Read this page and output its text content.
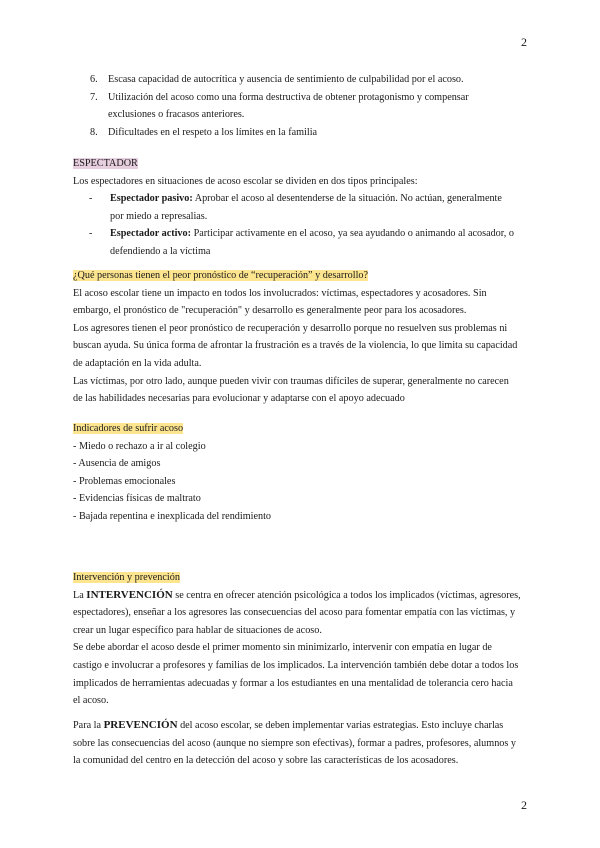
2
6. Escasa capacidad de autocrítica y ausencia de sentimiento de culpabilidad por el acoso.
7. Utilización del acoso como una forma destructiva de obtener protagonismo y compensar
exclusiones o fracasos anteriores.
8. Dificultades en el respeto a los límites en la familia
ESPECTADOR
Los espectadores en situaciones de acoso escolar se dividen en dos tipos principales:
- Espectador pasivo: Aprobar el acoso al desentenderse de la situación. No actúan, generalmente
por miedo a represalias.
- Espectador activo: Participar activamente en el acoso, ya sea ayudando o animando al acosador, o
defendiendo a la víctima
¿Qué personas tienen el peor pronóstico de “recuperación” y desarrollo?
El acoso escolar tiene un impacto en todos los involucrados: víctimas, espectadores y acosadores. Sin
embargo, el pronóstico de "recuperación" y desarrollo es generalmente peor para los acosadores.
Los agresores tienen el peor pronóstico de recuperación y desarrollo porque no resuelven sus problemas ni
buscan ayuda. Su única forma de afrontar la frustración es a través de la violencia, lo que limita su capacidad
de adaptación en la vida adulta.
Las víctimas, por otro lado, aunque pueden vivir con traumas difíciles de superar, generalmente no carecen
de las habilidades necesarias para evolucionar y adaptarse con el apoyo adecuado
Indicadores de sufrir acoso
- Miedo o rechazo a ir al colegio
- Ausencia de amigos
- Problemas emocionales
- Evidencias físicas de maltrato
- Bajada repentina e inexplicada del rendimiento
Intervención y prevención
La INTERVENCIÓN se centra en ofrecer atención psicológica a todos los implicados (víctimas, agresores,
espectadores), enseñar a los agresores las consecuencias del acoso para fomentar empatía con las víctimas, y
crear un lugar específico para hablar de situaciones de acoso.
Se debe abordar el acoso desde el primer momento sin minimizarlo, intervenir con empatía en lugar de
castigo e involucrar a profesores y familias de los implicados. La intervención también debe dotar a todos los
implicados de herramientas adecuadas y formar a los estudiantes en una mentalidad de tolerancia cero hacia
el acoso.
Para la PREVENCIÓN del acoso escolar, se deben implementar varias estrategias. Esto incluye charlas
sobre las consecuencias del acoso (aunque no siempre son efectivas), formar a padres, profesores, alumnos y
la comunidad del centro en la detección del acoso y sobre las características de los acosadores.
2
